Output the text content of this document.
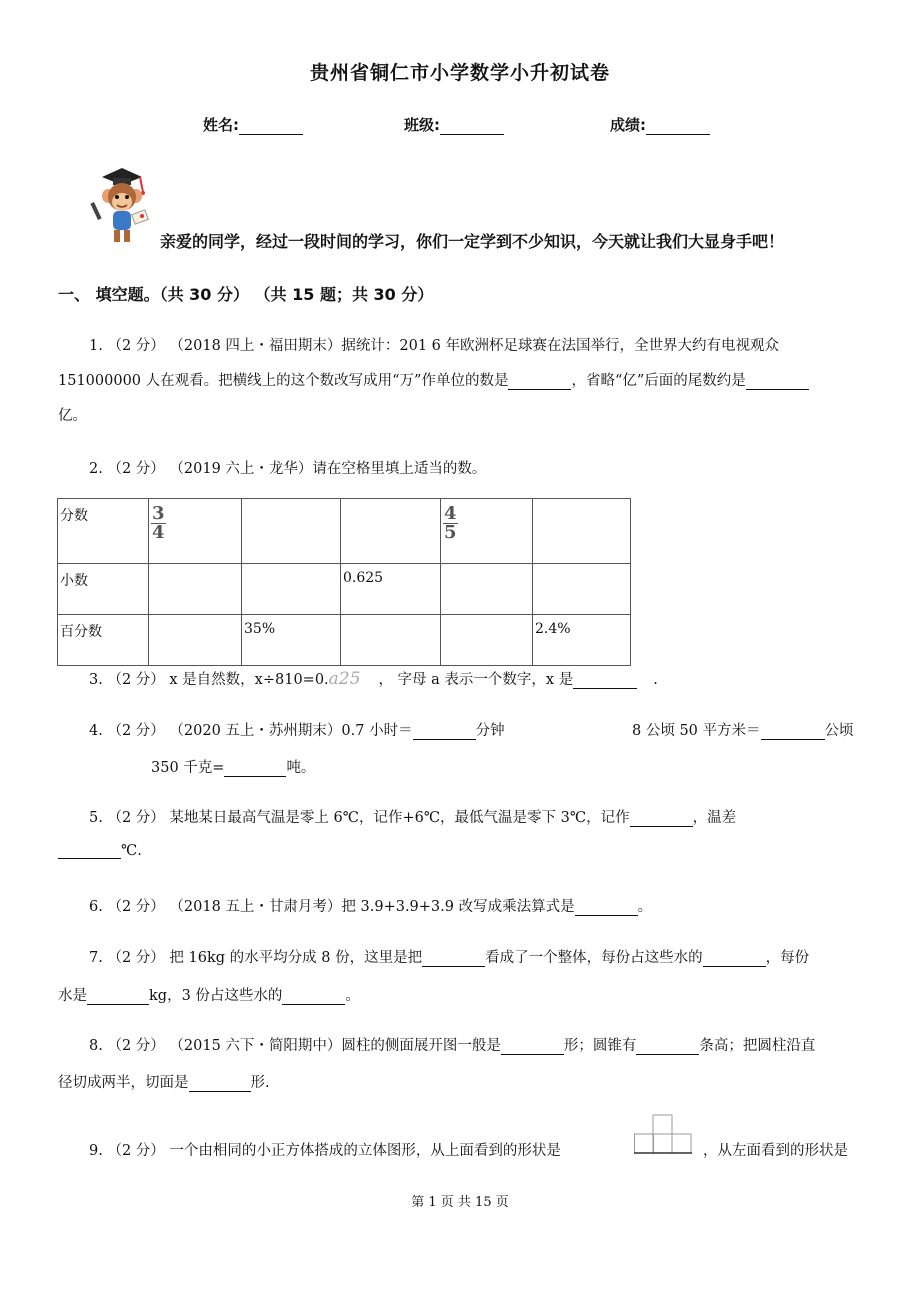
贵州省铜仁市小学数学小升初试卷
姓名:	班级:	成绩:
亲爱的同学，经过一段时间的学习，你们一定学到不少知识，今天就让我们大显身手吧！
一、 填空题。（共 30 分） （共 15 题；共 30 分）
1. （2 分） （2018 四上・福田期末）据统计：201 6 年欧洲杯足球赛在法国举行，全世界大约有电视观众
151000000 人在观看。把横线上的这个数改写成用“万”作单位的数是	，省略“亿”后面的尾数约是
亿。
2. （2 分） （2019 六上・龙华）请在空格里填上适当的数。
分数	$\frac{3}{4}$			$\frac{4}{5}$

小数			0.625		
百分数		35%			2.4%
3. （2 分） x 是自然数，x÷810=0.a25 ， 字母 a 表示一个数字，x 是	.
4. （2 分） （2020 五上・苏州期末）0.7 小时＝	分钟	8 公顷 50 平方米＝	公顷
350 千克=	吨。
5. （2 分） 某地某日最高气温是零上 6℃，记作+6℃，最低气温是零下 3℃，记作	，温差
℃.
6. （2 分） （2018 五上・甘肃月考）把 3.9+3.9+3.9 改写成乘法算式是	。
7. （2 分） 把 16kg 的水平均分成 8 份，这里是把	看成了一个整体，每份占这些水的	，每份
水是	kg，3 份占这些水的	。
8. （2 分） （2015 六下・简阳期中）圆柱的侧面展开图一般是	形；圆锥有	条高；把圆柱沿直
径切成两半，切面是	形.
9. （2 分） 一个由相同的小正方体搭成的立体图形，从上面看到的形状是	，从左面看到的形状是
第 1 页 共 15 页
